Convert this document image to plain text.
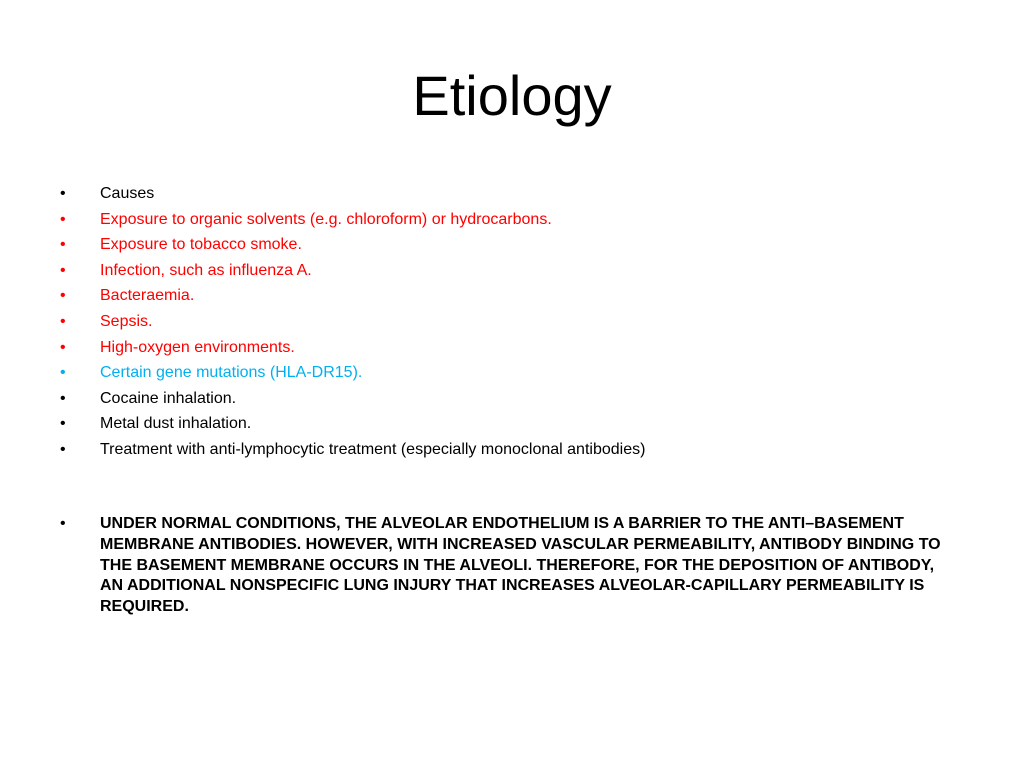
Etiology
•	Causes
•	Exposure to organic solvents (e.g. chloroform) or hydrocarbons.
•	Exposure to tobacco smoke.
•	Infection, such as influenza A.
•	Bacteraemia.
•	Sepsis.
•	High-oxygen environments.
•	Certain gene mutations (HLA-DR15).
•	Cocaine inhalation.
•	Metal dust inhalation.
•	Treatment with anti-lymphocytic treatment (especially monoclonal antibodies)
• UNDER NORMAL CONDITIONS, THE ALVEOLAR ENDOTHELIUM IS A BARRIER TO THE ANTI–BASEMENT MEMBRANE ANTIBODIES. HOWEVER, WITH INCREASED VASCULAR PERMEABILITY, ANTIBODY BINDING TO THE BASEMENT MEMBRANE OCCURS IN THE ALVEOLI. THEREFORE, FOR THE DEPOSITION OF ANTIBODY, AN ADDITIONAL NONSPECIFIC LUNG INJURY THAT INCREASES ALVEOLAR-CAPILLARY PERMEABILITY IS REQUIRED.
